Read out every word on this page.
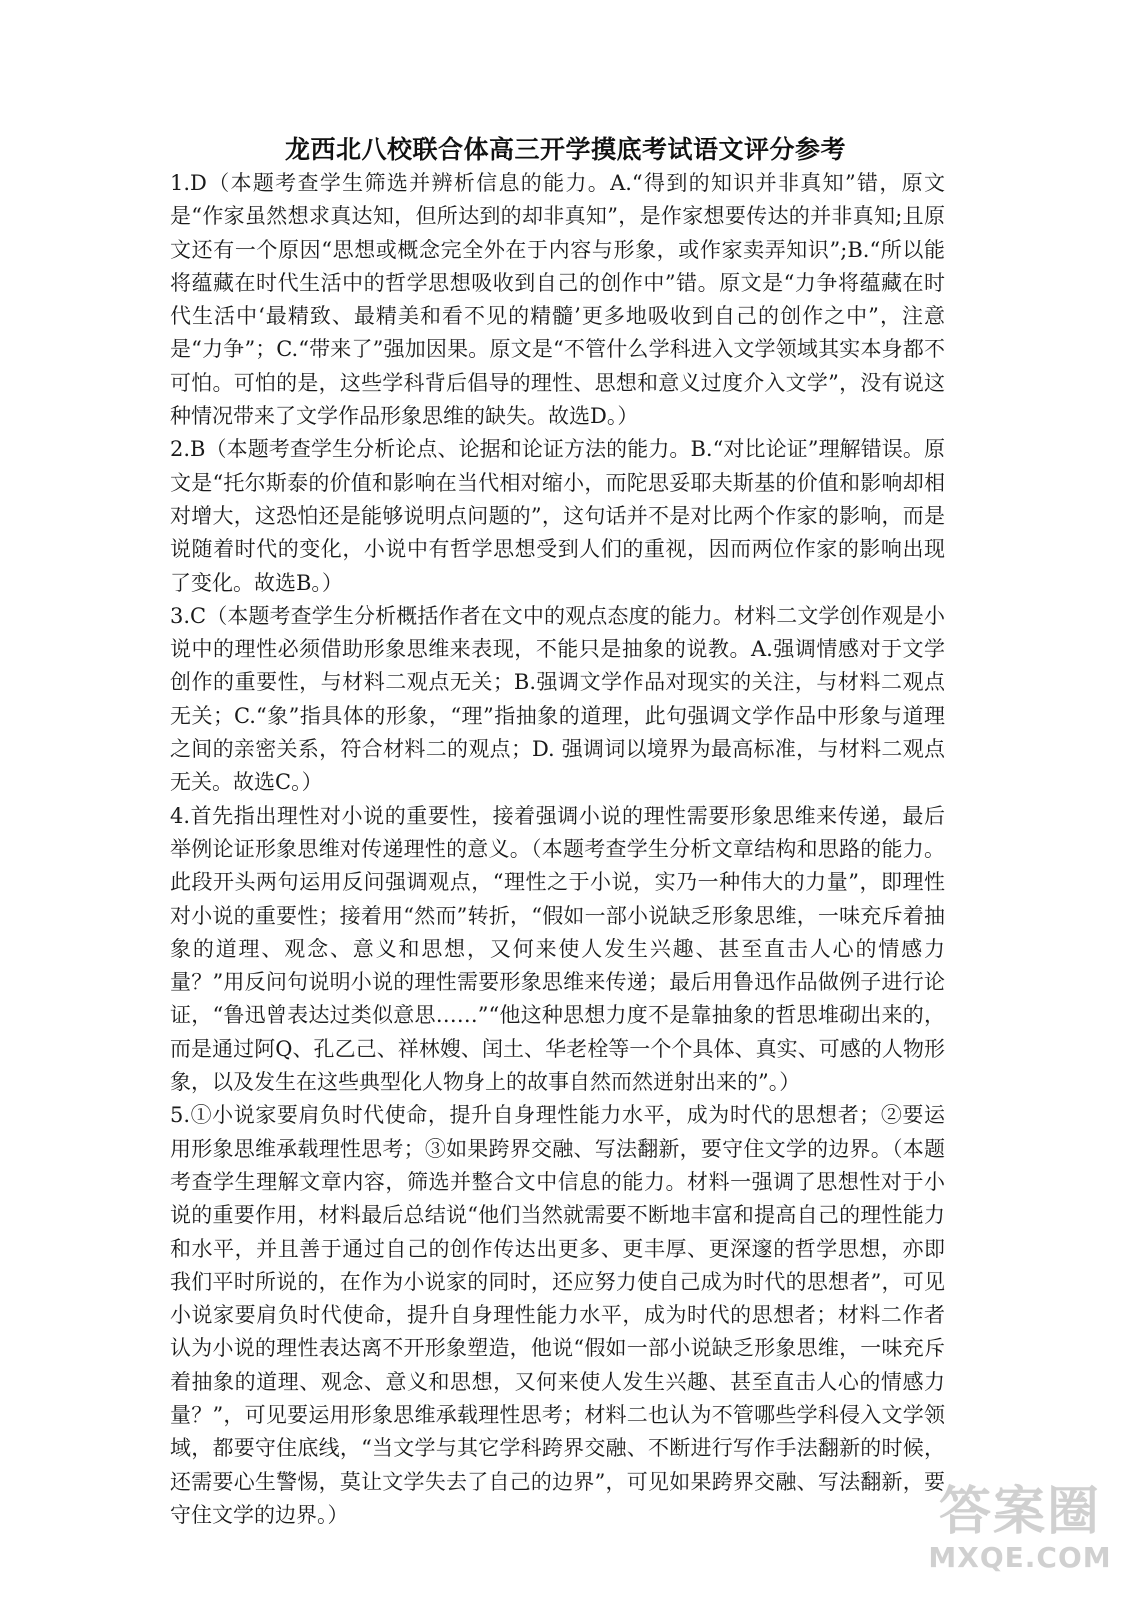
龙西北八校联合体高三开学摸底考试语文评分参考

1.D（本题考查学生筛选并辨析信息的能力。A.“得到的知识并非真知”错，原文是“作家虽然想求真达知，但所达到的却非真知”，是作家想要传达的并非真知;且原文还有一个原因“思想或概念完全外在于内容与形象，或作家卖弄知识”;B.“所以能将蕴藏在时代生活中的哲学思想吸收到自己的创作中”错。原文是“力争将蕴藏在时代生活中‘最精致、最精美和看不见的精髓’更多地吸收到自己的创作之中”，注意是“力争”；C.“带来了”强加因果。原文是“不管什么学科进入文学领域其实本身都不可怕。可怕的是，这些学科背后倡导的理性、思想和意义过度介入文学”，没有说这种情况带来了文学作品形象思维的缺失。故选D。）

2.B（本题考查学生分析论点、论据和论证方法的能力。B.“对比论证”理解错误。原文是“托尔斯泰的价值和影响在当代相对缩小，而陀思妥耶夫斯基的价值和影响却相对增大，这恐怕还是能够说明点问题的”，这句话并不是对比两个作家的影响，而是说随着时代的变化，小说中有哲学思想受到人们的重视，因而两位作家的影响出现了变化。故选B。）

3.C（本题考查学生分析概括作者在文中的观点态度的能力。材料二文学创作观是小说中的理性必须借助形象思维来表现，不能只是抽象的说教。A.强调情感对于文学创作的重要性，与材料二观点无关；B.强调文学作品对现实的关注，与材料二观点无关；C.“象”指具体的形象，“理”指抽象的道理，此句强调文学作品中形象与道理之间的亲密关系，符合材料二的观点；D. 强调词以境界为最高标准，与材料二观点无关。故选C。）

4.首先指出理性对小说的重要性，接着强调小说的理性需要形象思维来传递，最后举例论证形象思维对传递理性的意义。（本题考查学生分析文章结构和思路的能力。此段开头两句运用反问强调观点，“理性之于小说，实乃一种伟大的力量”，即理性对小说的重要性；接着用“然而”转折，“假如一部小说缺乏形象思维，一味充斥着抽象的道理、观念、意义和思想，又何来使人发生兴趣、甚至直击人心的情感力量？”用反问句说明小说的理性需要形象思维来传递；最后用鲁迅作品做例子进行论证，“鲁迅曾表达过类似意思……”“他这种思想力度不是靠抽象的哲思堆砌出来的，而是通过阿Q、孔乙己、祥林嫂、闰土、华老栓等一个个具体、真实、可感的人物形象，以及发生在这些典型化人物身上的故事自然而然迸射出来的”。）

5.①小说家要肩负时代使命，提升自身理性能力水平，成为时代的思想者；②要运用形象思维承载理性思考；③如果跨界交融、写法翻新，要守住文学的边界。（本题考查学生理解文章内容，筛选并整合文中信息的能力。材料一强调了思想性对于小说的重要作用，材料最后总结说“他们当然就需要不断地丰富和提高自己的理性能力和水平，并且善于通过自己的创作传达出更多、更丰厚、更深邃的哲学思想，亦即我们平时所说的，在作为小说家的同时，还应努力使自己成为时代的思想者”，可见小说家要肩负时代使命，提升自身理性能力水平，成为时代的思想者；材料二作者认为小说的理性表达离不开形象塑造，他说“假如一部小说缺乏形象思维，一味充斥着抽象的道理、观念、意义和思想，又何来使人发生兴趣、甚至直击人心的情感力量？”，可见要运用形象思维承载理性思考；材料二也认为不管哪些学科侵入文学领域，都要守住底线，“当文学与其它学科跨界交融、不断进行写作手法翻新的时候，还需要心生警惕，莫让文学失去了自己的边界”，可见如果跨界交融、写法翻新，要守住文学的边界。）	答案圈
MXQE.COM
